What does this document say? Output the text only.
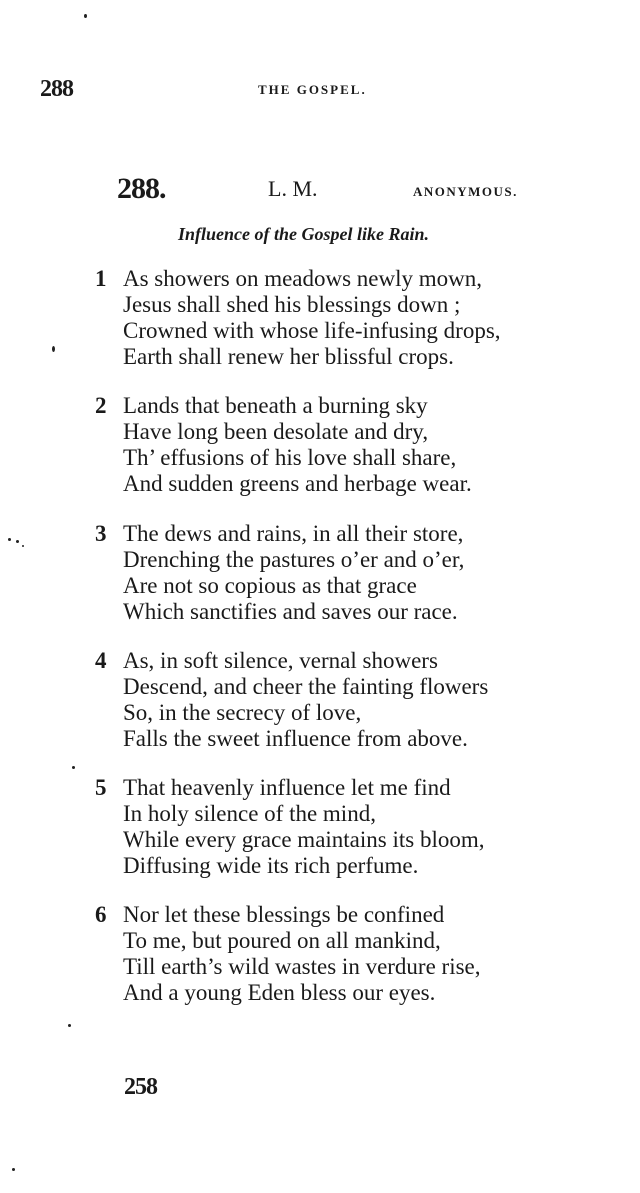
288	THE GOSPEL.
288.	L. M.	ANONYMOUS.
Influence of the Gospel like Rain.
1 As showers on meadows newly mown,
Jesus shall shed his blessings down ;
Crowned with whose life-infusing drops,
Earth shall renew her blissful crops.
2 Lands that beneath a burning sky
Have long been desolate and dry,
Th’ effusions of his love shall share,
And sudden greens and herbage wear.
3 The dews and rains, in all their store,
Drenching the pastures o’er and o’er,
Are not so copious as that grace
Which sanctifies and saves our race.
4 As, in soft silence, vernal showers
Descend, and cheer the fainting flowers
So, in the secrecy of love,
Falls the sweet influence from above.
5 That heavenly influence let me find
In holy silence of the mind,
While every grace maintains its bloom,
Diffusing wide its rich perfume.
6 Nor let these blessings be confined
To me, but poured on all mankind,
Till earth’s wild wastes in verdure rise,
And a young Eden bless our eyes.
258
